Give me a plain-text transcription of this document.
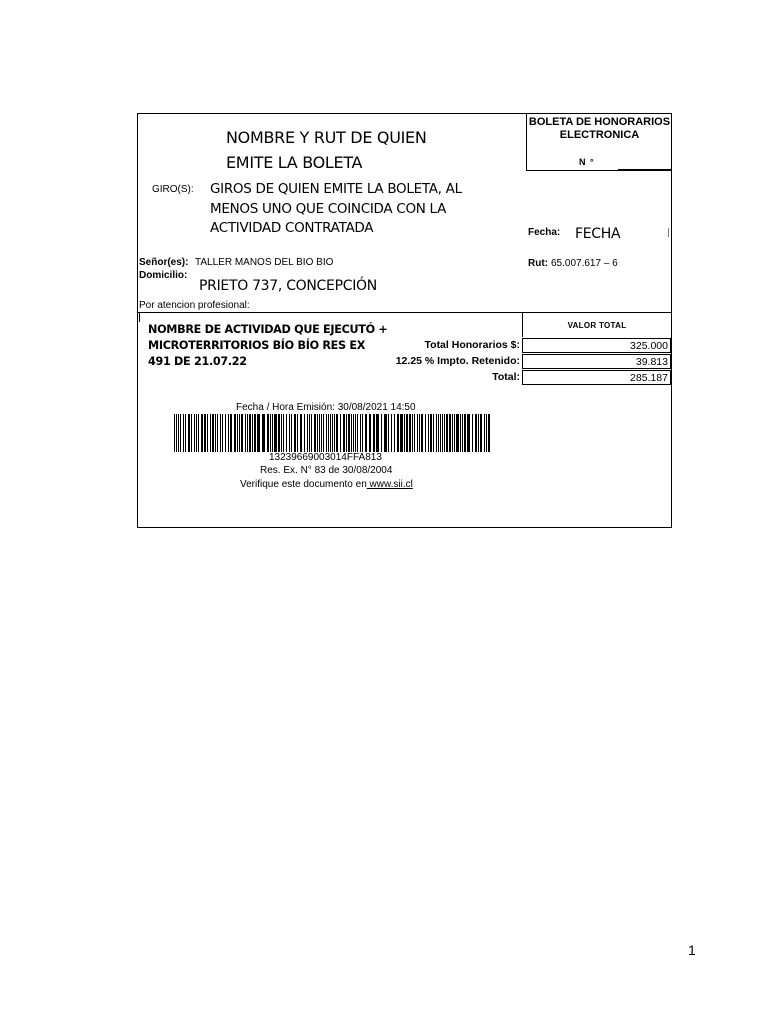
NOMBRE Y RUT DE QUIEN EMITE LA BOLETA
BOLETA DE HONORARIOS ELECTRONICA
N °
GIRO(S): GIROS DE QUIEN EMITE LA BOLETA, AL MENOS UNO QUE COINCIDA CON LA ACTIVIDAD CONTRATADA	Fecha: FECHA
Señor(es): TALLER MANOS DEL BIO BIO	Rut: 65.007.617 – 6
Domicilio:
PRIETO 737, CONCEPCIÓN
Por atencion profesional:
NOMBRE DE ACTIVIDAD QUE EJECUTÓ + MICROTERRITORIOS BÍO BÍO RES EX 491 DE 21.07.22
VALOR TOTAL
Total Honorarios $:	325.000
12.25 % Impto. Retenido:	39.813
Total:	285.187
Fecha / Hora Emisión: 30/08/2021 14:50
13239669003014FFA813
Res. Ex. N° 83 de 30/08/2004
Verifique este documento en www.sii.cl
1
